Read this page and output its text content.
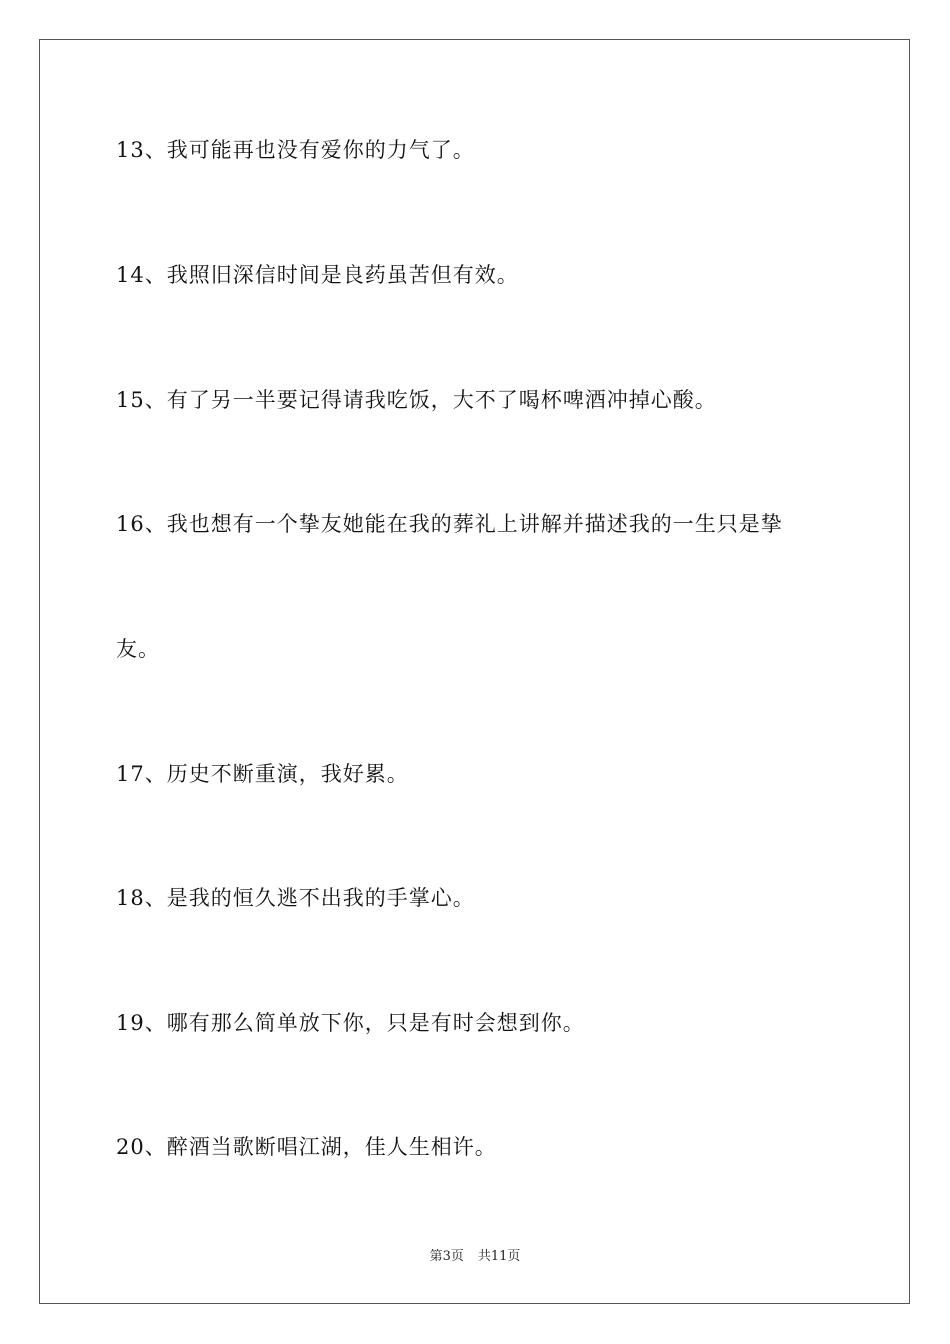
13、我可能再也没有爱你的力气了。
14、我照旧深信时间是良药虽苦但有效。
15、有了另一半要记得请我吃饭，大不了喝杯啤酒冲掉心酸。
16、我也想有一个挚友她能在我的葬礼上讲解并描述我的一生只是挚
友。
17、历史不断重演，我好累。
18、是我的恒久逃不出我的手掌心。
19、哪有那么简单放下你，只是有时会想到你。
20、醉酒当歌断唱江湖，佳人生相许。
第3页 共11页
